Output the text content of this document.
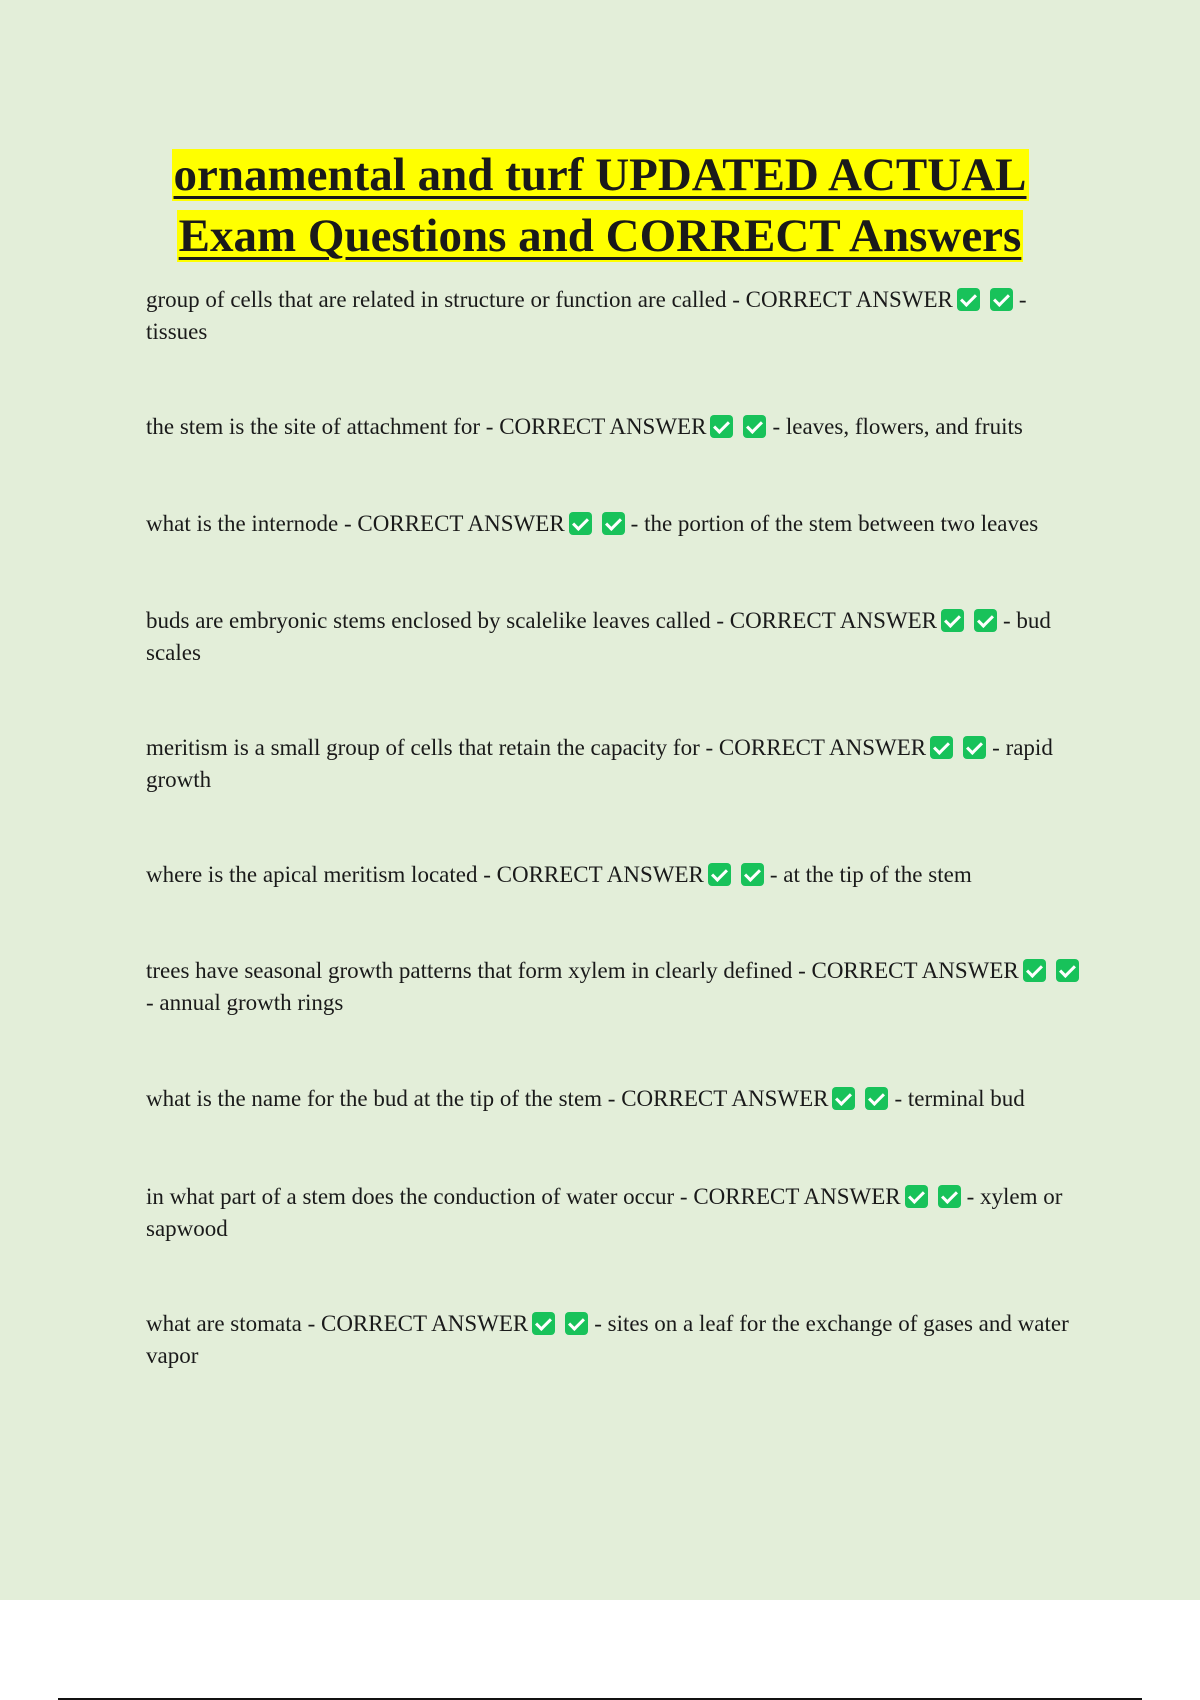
ornamental and turf UPDATED ACTUAL
Exam Questions and CORRECT Answers

group of cells that are related in structure or function are called - CORRECT ANSWER	- tissues

the stem is the site of attachment for - CORRECT ANSWER	- leaves, flowers, and fruits

what is the internode - CORRECT ANSWER	- the portion of the stem between two leaves

buds are embryonic stems enclosed by scalelike leaves called - CORRECT ANSWER	- bud scales

meritism is a small group of cells that retain the capacity for - CORRECT ANSWER	- rapid growth

where is the apical meritism located - CORRECT ANSWER	- at the tip of the stem

trees have seasonal growth patterns that form xylem in clearly defined - CORRECT ANSWER- annual growth rings

what is the name for the bud at the tip of the stem - CORRECT ANSWER	- terminal bud

in what part of a stem does the conduction of water occur - CORRECT ANSWER	- xylem or sapwood

what are stomata - CORRECT ANSWER	- sites on a leaf for the exchange of gases and water vapor
